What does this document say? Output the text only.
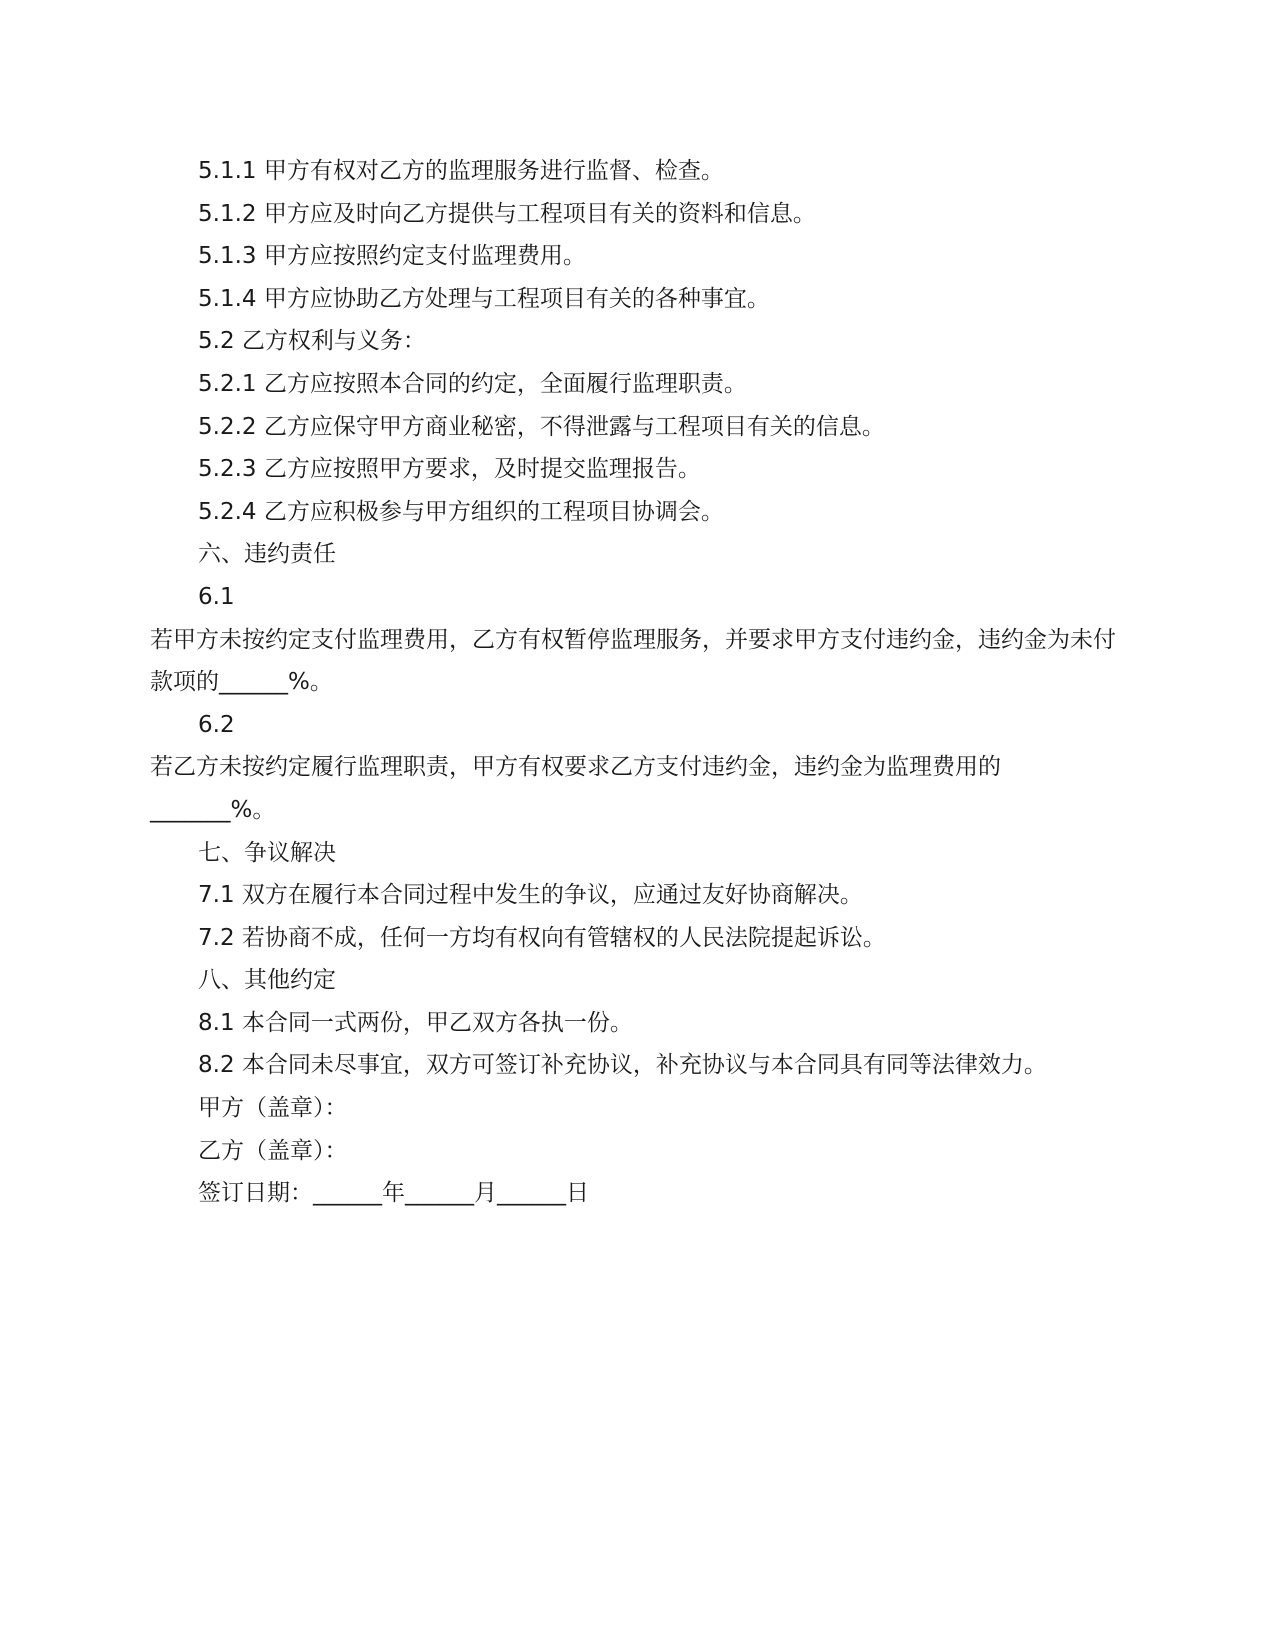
5.1.1 甲方有权对乙方的监理服务进行监督、检查。

5.1.2 甲方应及时向乙方提供与工程项目有关的资料和信息。

5.1.3 甲方应按照约定支付监理费用。

5.1.4 甲方应协助乙方处理与工程项目有关的各种事宜。

5.2 乙方权利与义务：

5.2.1 乙方应按照本合同的约定，全面履行监理职责。

5.2.2 乙方应保守甲方商业秘密，不得泄露与工程项目有关的信息。

5.2.3 乙方应按照甲方要求，及时提交监理报告。

5.2.4 乙方应积极参与甲方组织的工程项目协调会。

六、违约责任

6.1

若甲方未按约定支付监理费用，乙方有权暂停监理服务，并要求甲方支付违约金，违约金为未付款项的______%。

6.2

若乙方未按约定履行监理职责，甲方有权要求乙方支付违约金，违约金为监理费用的_______%。

七、争议解决

7.1 双方在履行本合同过程中发生的争议，应通过友好协商解决。

7.2 若协商不成，任何一方均有权向有管辖权的人民法院提起诉讼。

八、其他约定

8.1 本合同一式两份，甲乙双方各执一份。

8.2 本合同未尽事宜，双方可签订补充协议，补充协议与本合同具有同等法律效力。

甲方（盖章）：

乙方（盖章）：

签订日期：______年______月______日
